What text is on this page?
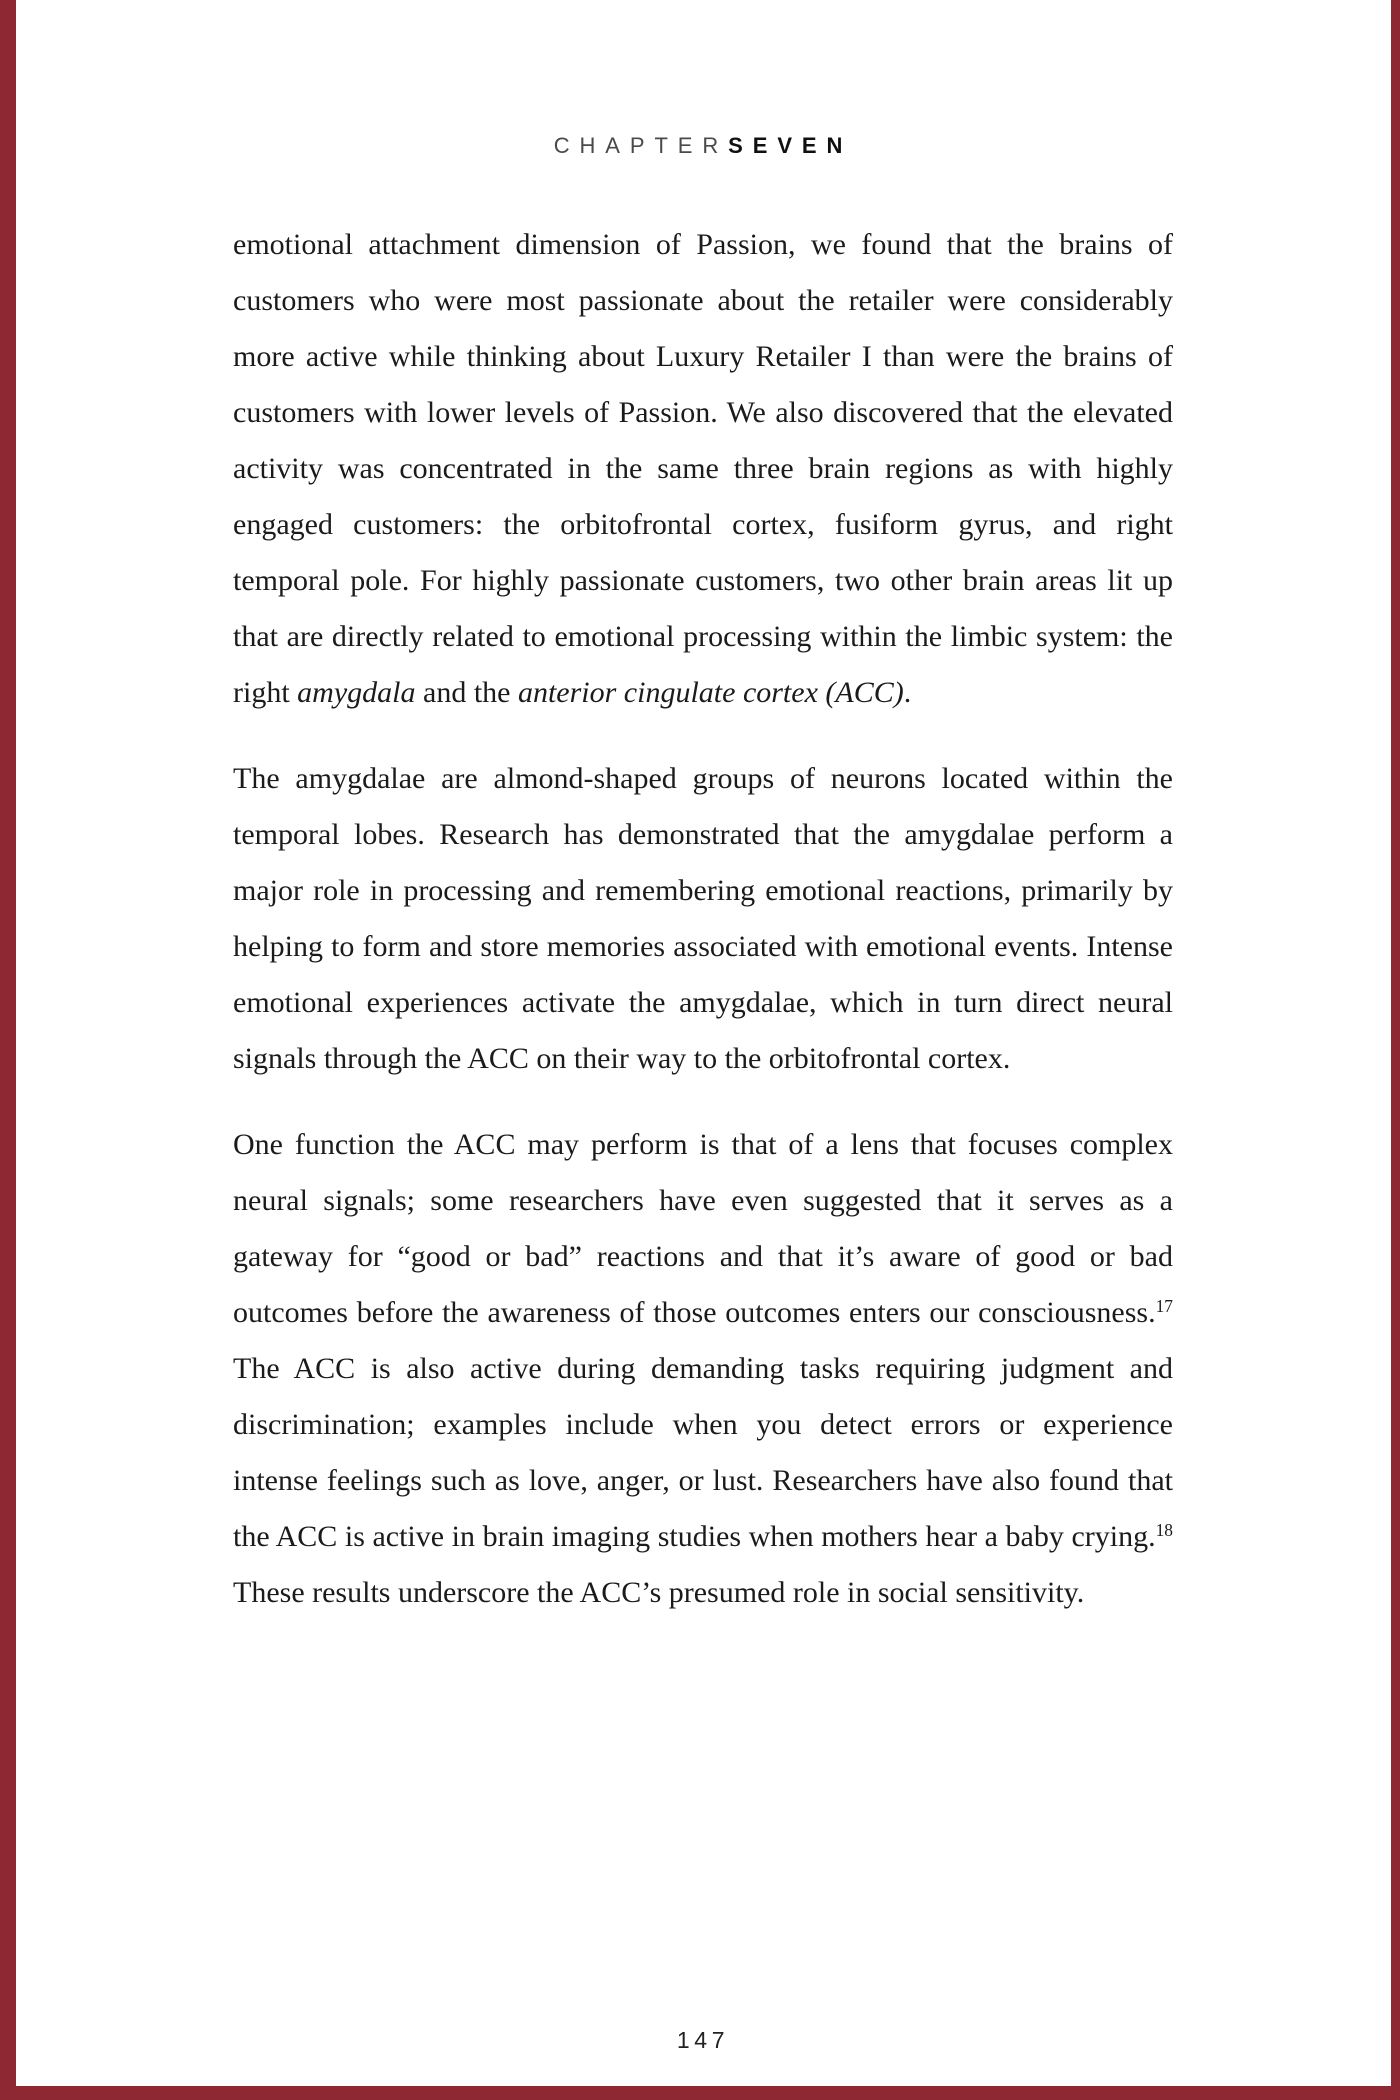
CHAPTERSEVEN

emotional attachment dimension of Passion, we found that the brains of customers who were most passionate about the retailer were considerably more active while thinking about Luxury Retailer I than were the brains of customers with lower levels of Passion. We also discovered that the elevated activity was concentrated in the same three brain regions as with highly engaged customers: the orbitofrontal cortex, fusiform gyrus, and right temporal pole. For highly passionate customers, two other brain areas lit up that are directly related to emotional processing within the limbic system: the right amygdala and the anterior cingulate cortex (ACC).

The amygdalae are almond-shaped groups of neurons located within the temporal lobes. Research has demonstrated that the amygdalae perform a major role in processing and remembering emotional reactions, primarily by helping to form and store memories associated with emotional events. Intense emotional experiences activate the amygdalae, which in turn direct neural signals through the ACC on their way to the orbitofrontal cortex.

One function the ACC may perform is that of a lens that focuses complex neural signals; some researchers have even suggested that it serves as a gateway for “good or bad” reactions and that it’s aware of good or bad outcomes before the awareness of those outcomes enters our consciousness.$^{17}$ The ACC is also active during demanding tasks requiring judgment and discrimination; examples include when you detect errors or experience intense feelings such as love, anger, or lust. Researchers have also found that the ACC is active in brain imaging studies when mothers hear a baby crying.$^{18}$ These results underscore the ACC’s presumed role in social sensitivity.

147
